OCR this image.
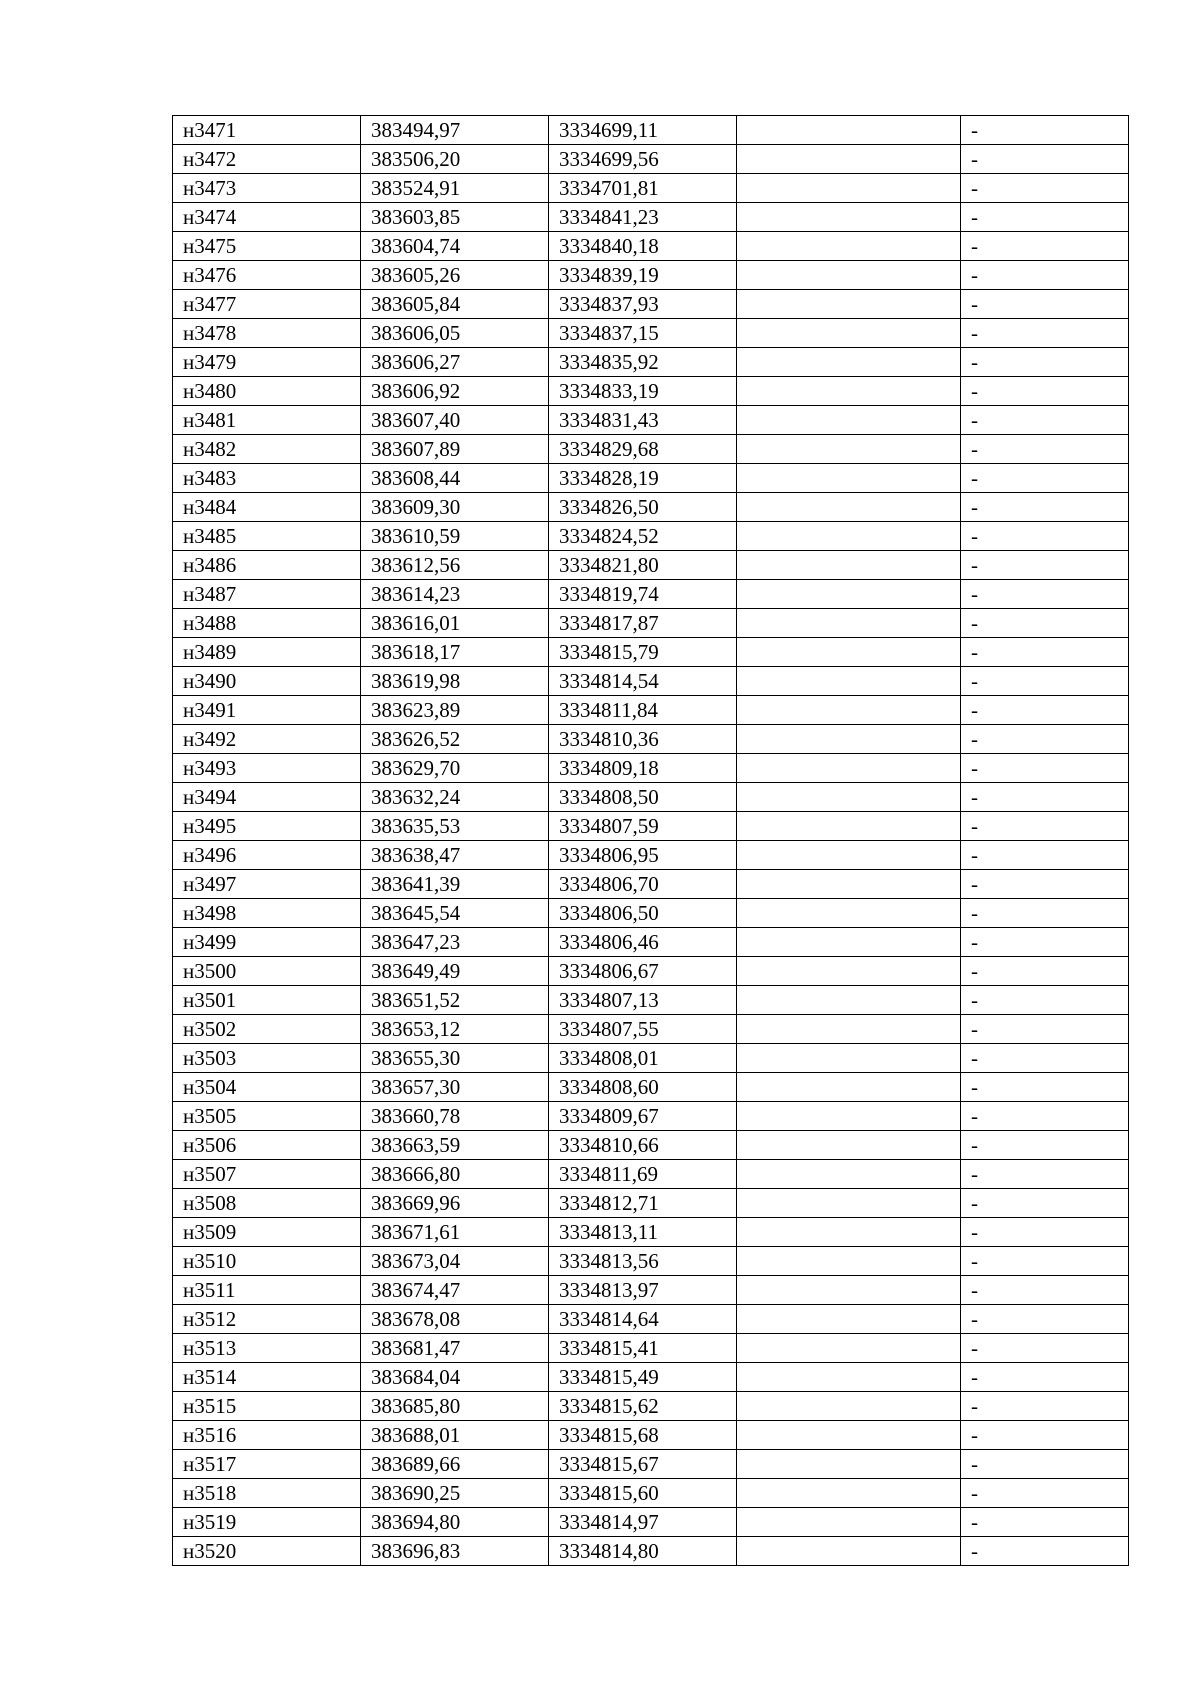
н3471	383494,97	3334699,11		-
н3472	383506,20	3334699,56		-
н3473	383524,91	3334701,81		-
н3474	383603,85	3334841,23		-
н3475	383604,74	3334840,18		-
н3476	383605,26	3334839,19		-
н3477	383605,84	3334837,93		-
н3478	383606,05	3334837,15		-
н3479	383606,27	3334835,92		-
н3480	383606,92	3334833,19		-
н3481	383607,40	3334831,43		-
н3482	383607,89	3334829,68		-
н3483	383608,44	3334828,19		-
н3484	383609,30	3334826,50		-
н3485	383610,59	3334824,52		-
н3486	383612,56	3334821,80		-
н3487	383614,23	3334819,74		-
н3488	383616,01	3334817,87		-
н3489	383618,17	3334815,79		-
н3490	383619,98	3334814,54		-
н3491	383623,89	3334811,84		-
н3492	383626,52	3334810,36		-
н3493	383629,70	3334809,18		-
н3494	383632,24	3334808,50		-
н3495	383635,53	3334807,59		-
н3496	383638,47	3334806,95		-
н3497	383641,39	3334806,70		-
н3498	383645,54	3334806,50		-
н3499	383647,23	3334806,46		-
н3500	383649,49	3334806,67		-
н3501	383651,52	3334807,13		-
н3502	383653,12	3334807,55		-
н3503	383655,30	3334808,01		-
н3504	383657,30	3334808,60		-
н3505	383660,78	3334809,67		-
н3506	383663,59	3334810,66		-
н3507	383666,80	3334811,69		-
н3508	383669,96	3334812,71		-
н3509	383671,61	3334813,11		-
н3510	383673,04	3334813,56		-
н3511	383674,47	3334813,97		-
н3512	383678,08	3334814,64		-
н3513	383681,47	3334815,41		-
н3514	383684,04	3334815,49		-
н3515	383685,80	3334815,62		-
н3516	383688,01	3334815,68		-
н3517	383689,66	3334815,67		-
н3518	383690,25	3334815,60		-
н3519	383694,80	3334814,97		-
н3520	383696,83	3334814,80		-
